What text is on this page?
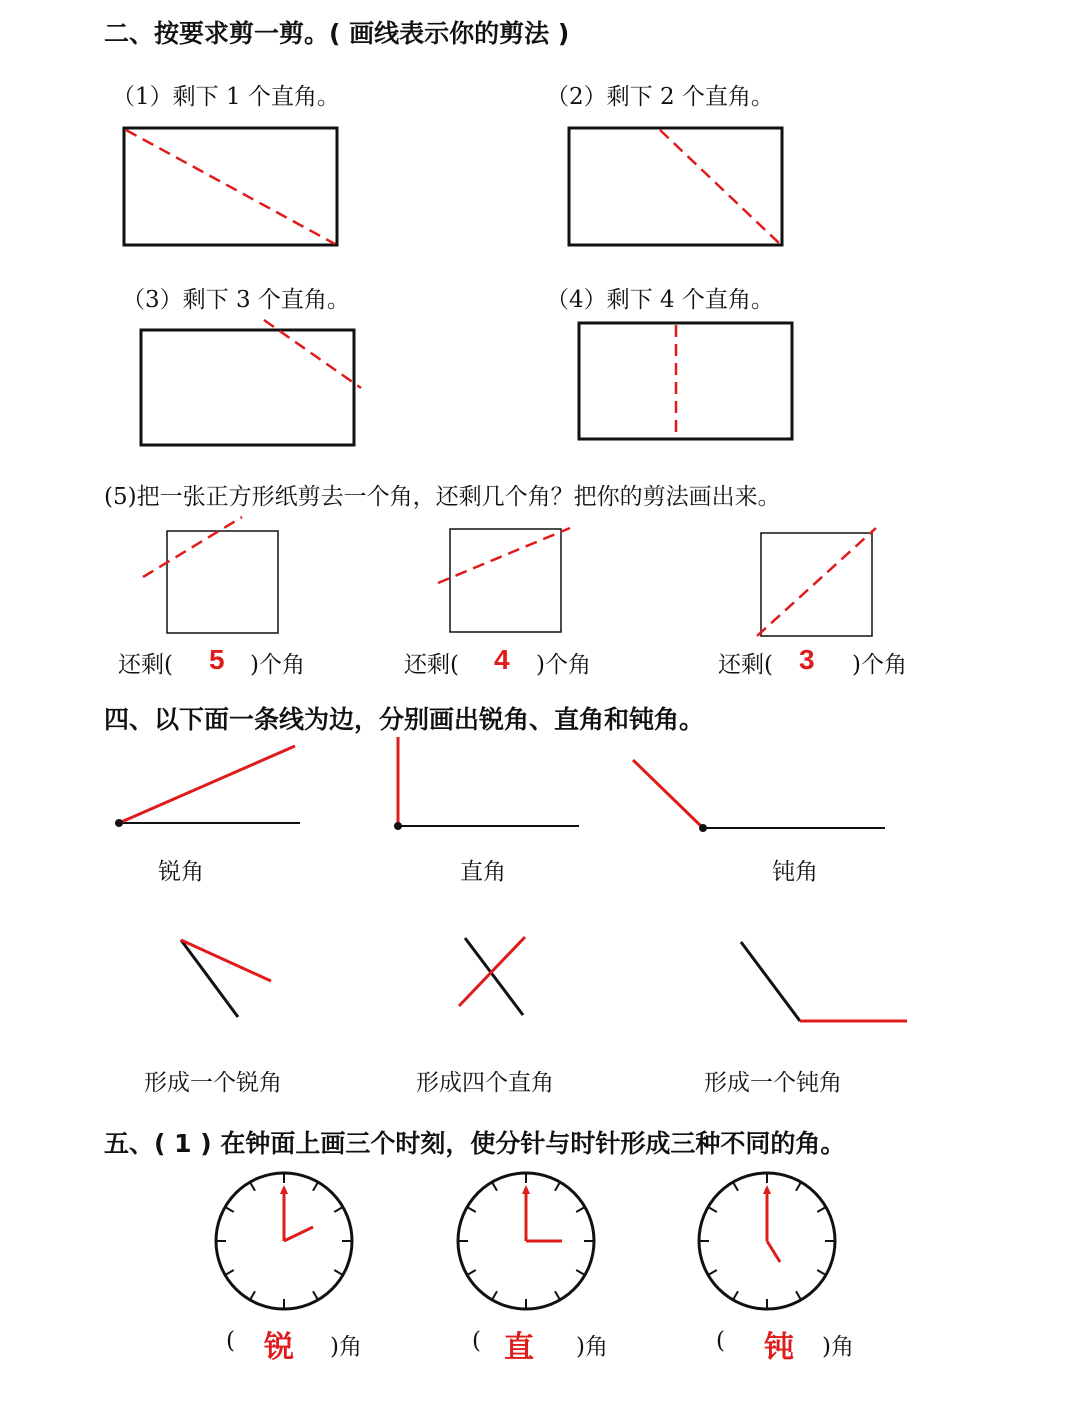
二、按要求剪一剪。( 画线表示你的剪法 )
（1）剩下 1 个直角。	（2）剩下 2 个直角。
（3）剩下 3 个直角。	（4）剩下 4 个直角。
(5)把一张正方形纸剪去一个角，还剩几个角？把你的剪法画出来。
还剩( 5 )个角	还剩( 4 )个角	还剩( 3 )个角
四、以下面一条线为边，分别画出锐角、直角和钝角。
锐角	直角	钝角
形成一个锐角	形成四个直角	形成一个钝角
五、( 1 ) 在钟面上画三个时刻，使分针与时针形成三种不同的角。
( 锐 )角	( 直 )角	( 钝 )角
